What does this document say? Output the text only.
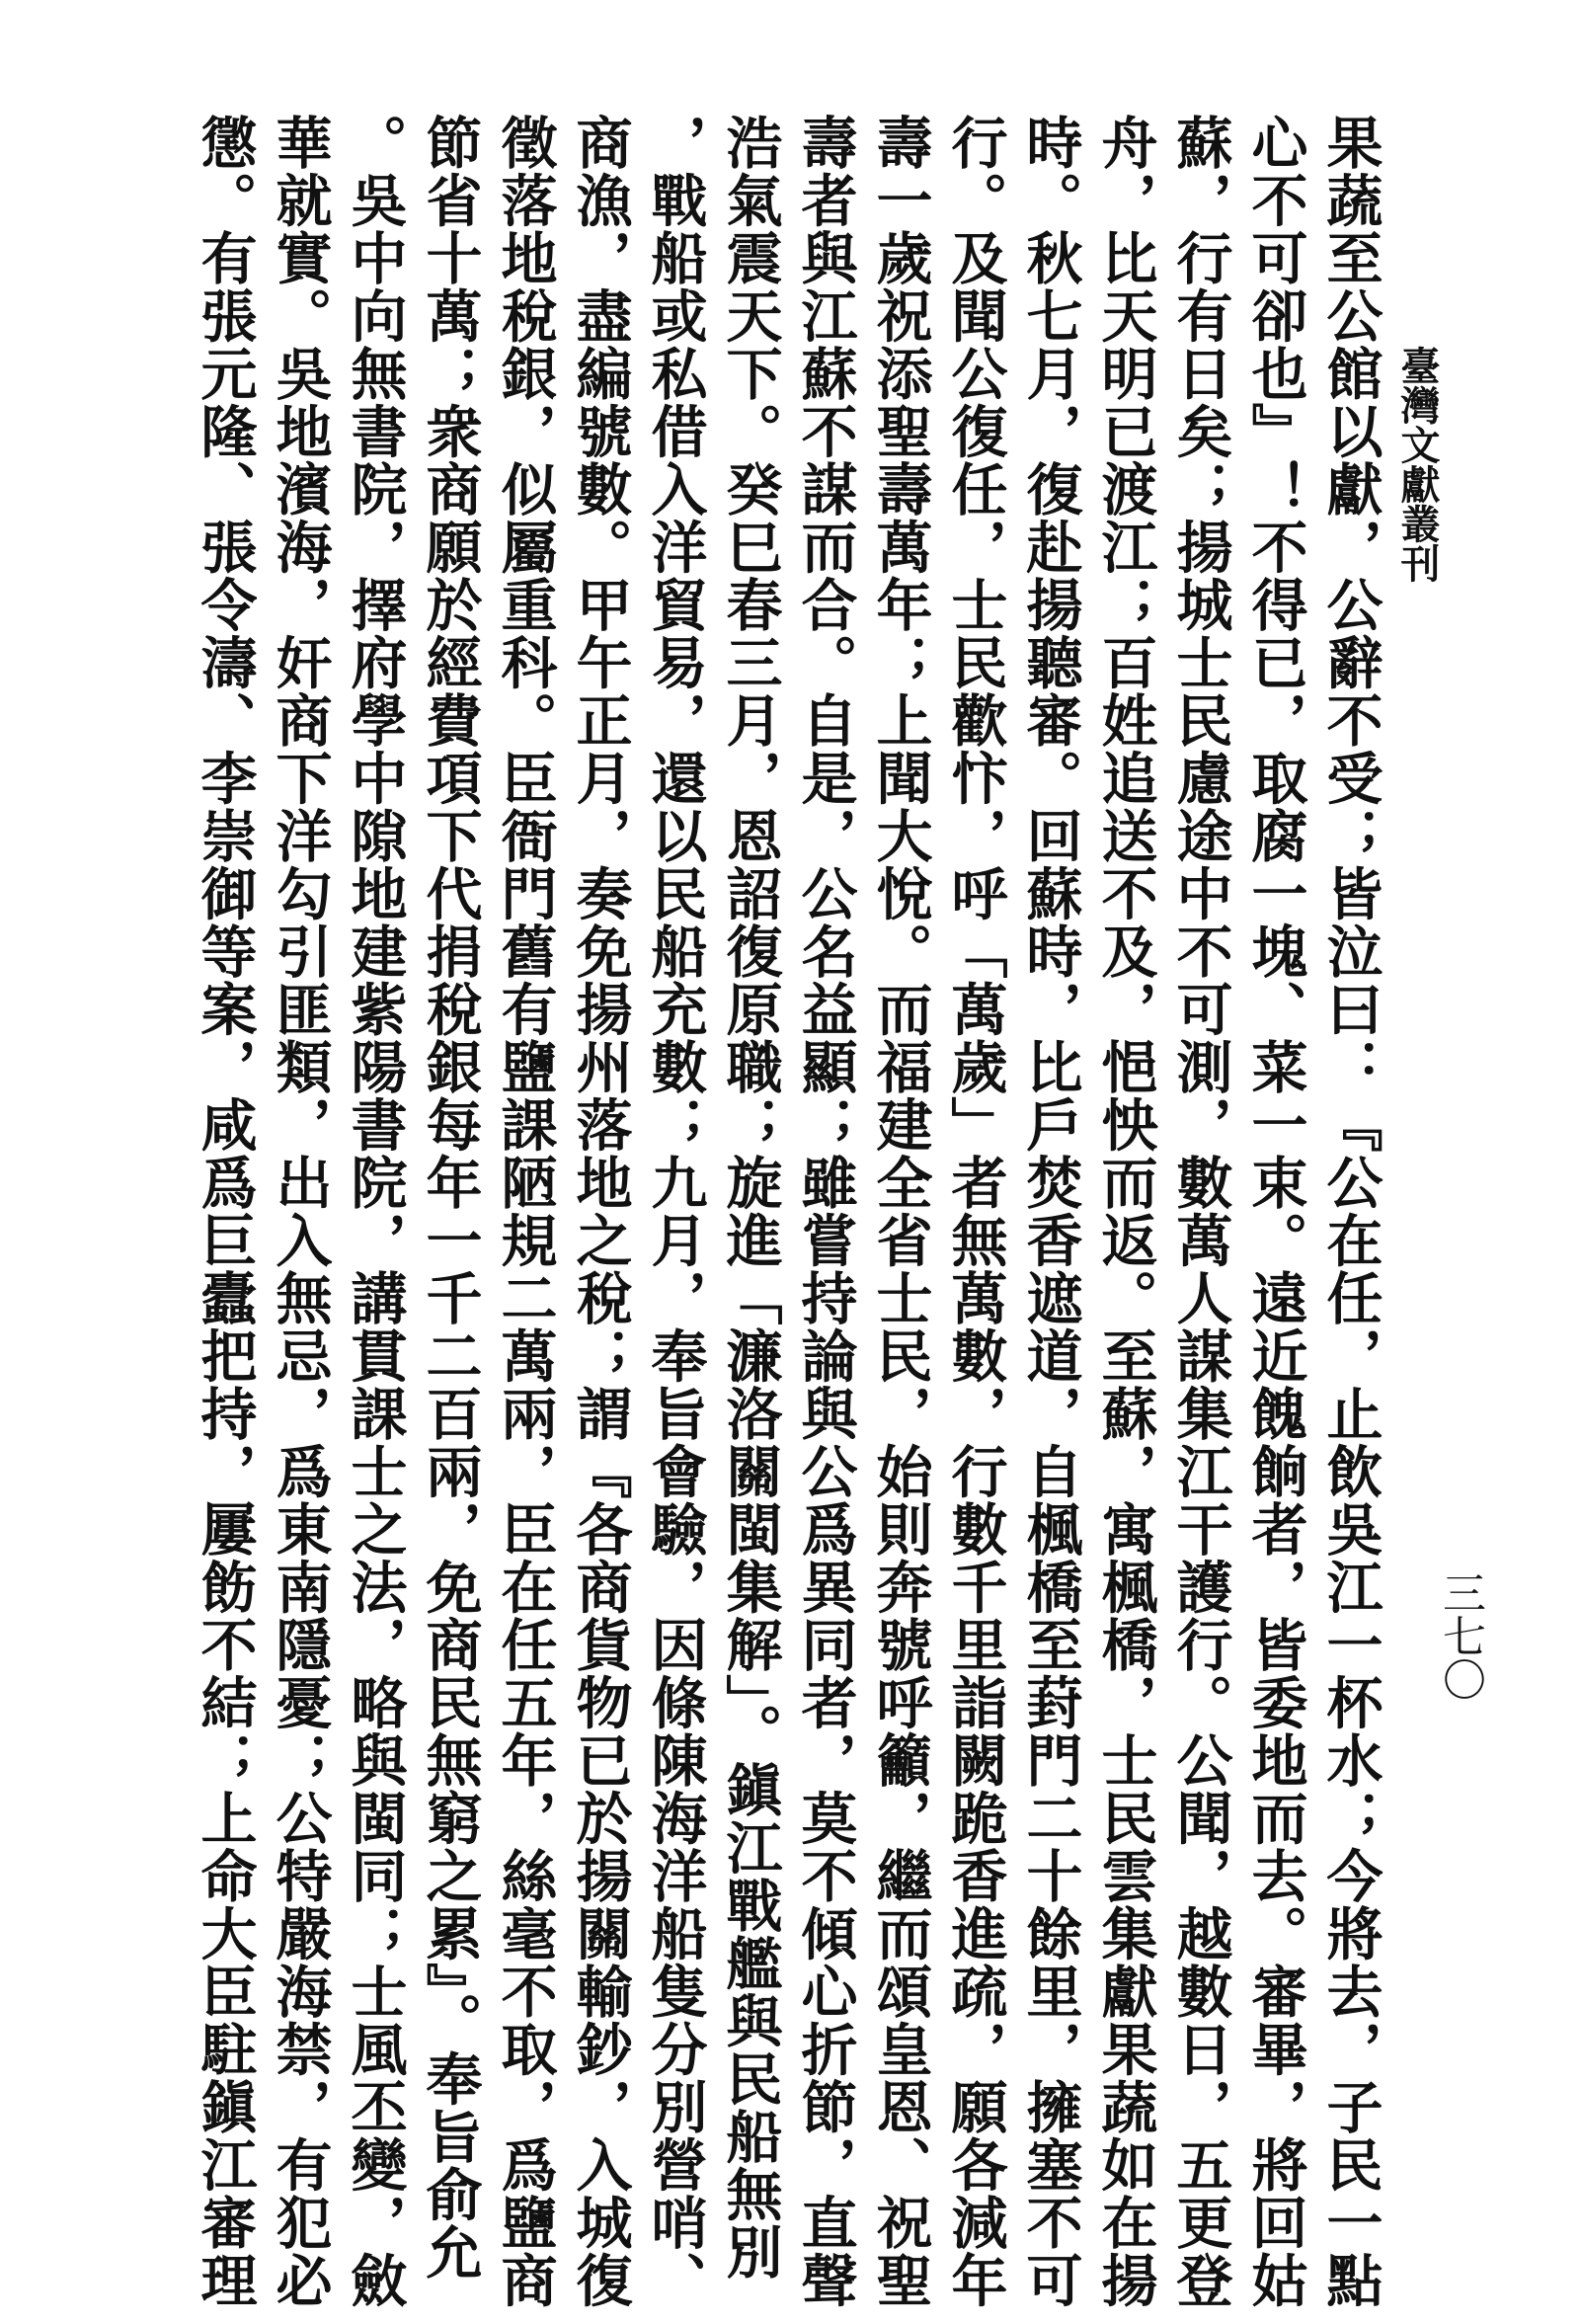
臺灣文獻叢刊
三七〇
果蔬至公館以獻，公辭不受；皆泣曰：『公在任，止飲吳江一杯水；今將去，子民一點
心不可卻也』！不得已，取腐一塊、菜一束。遠近餽餉者，皆委地而去。審畢，將回姑
蘇，行有日矣；揚城士民慮途中不可測，數萬人謀集江干護行。公聞，越數日，五更登
舟，比天明已渡江；百姓追送不及，悒怏而返。至蘇，寓楓橋，士民雲集獻果蔬如在揚
時。秋七月，復赴揚聽審。回蘇時，比戶焚香遮道，自楓橋至葑門二十餘里，擁塞不可
行。及聞公復任，士民歡忭，呼「萬歲」者無萬數，行數千里詣闕跪香進疏，願各減年
壽一歲祝添聖壽萬年；上聞大悅。而福建全省士民，始則奔號呼籲，繼而頌皇恩、祝聖
壽者與江蘇不謀而合。自是，公名益顯；雖嘗持論與公爲異同者，莫不傾心折節，直聲
浩氣震天下。癸巳春三月，恩詔復原職；旋進「濂洛關閩集解」。鎭江戰艦與民船無別
，戰船或私借入洋貿易，還以民船充數；九月，奉旨會驗，因條陳海洋船隻分別營哨、
商漁，盡編號數。甲午正月，奏免揚州落地之稅；謂『各商貨物已於揚關輸鈔，入城復
徵落地稅銀，似屬重科。臣衙門舊有鹽課陋規二萬兩，臣在任五年，絲毫不取，爲鹽商
節省十萬；衆商願於經費項下代捐稅銀每年一千二百兩，免商民無窮之累』。奉旨俞允
。吳中向無書院，擇府學中隙地建紫陽書院，講貫課士之法，略與閩同；士風丕變，斂
華就實。吳地濱海，奸商下洋勾引匪類，出入無忌，爲東南隱憂；公特嚴海禁，有犯必
懲。有張元隆、張令濤、李崇御等案，咸爲巨蠹把持，屢飭不結；上命大臣駐鎭江審理
